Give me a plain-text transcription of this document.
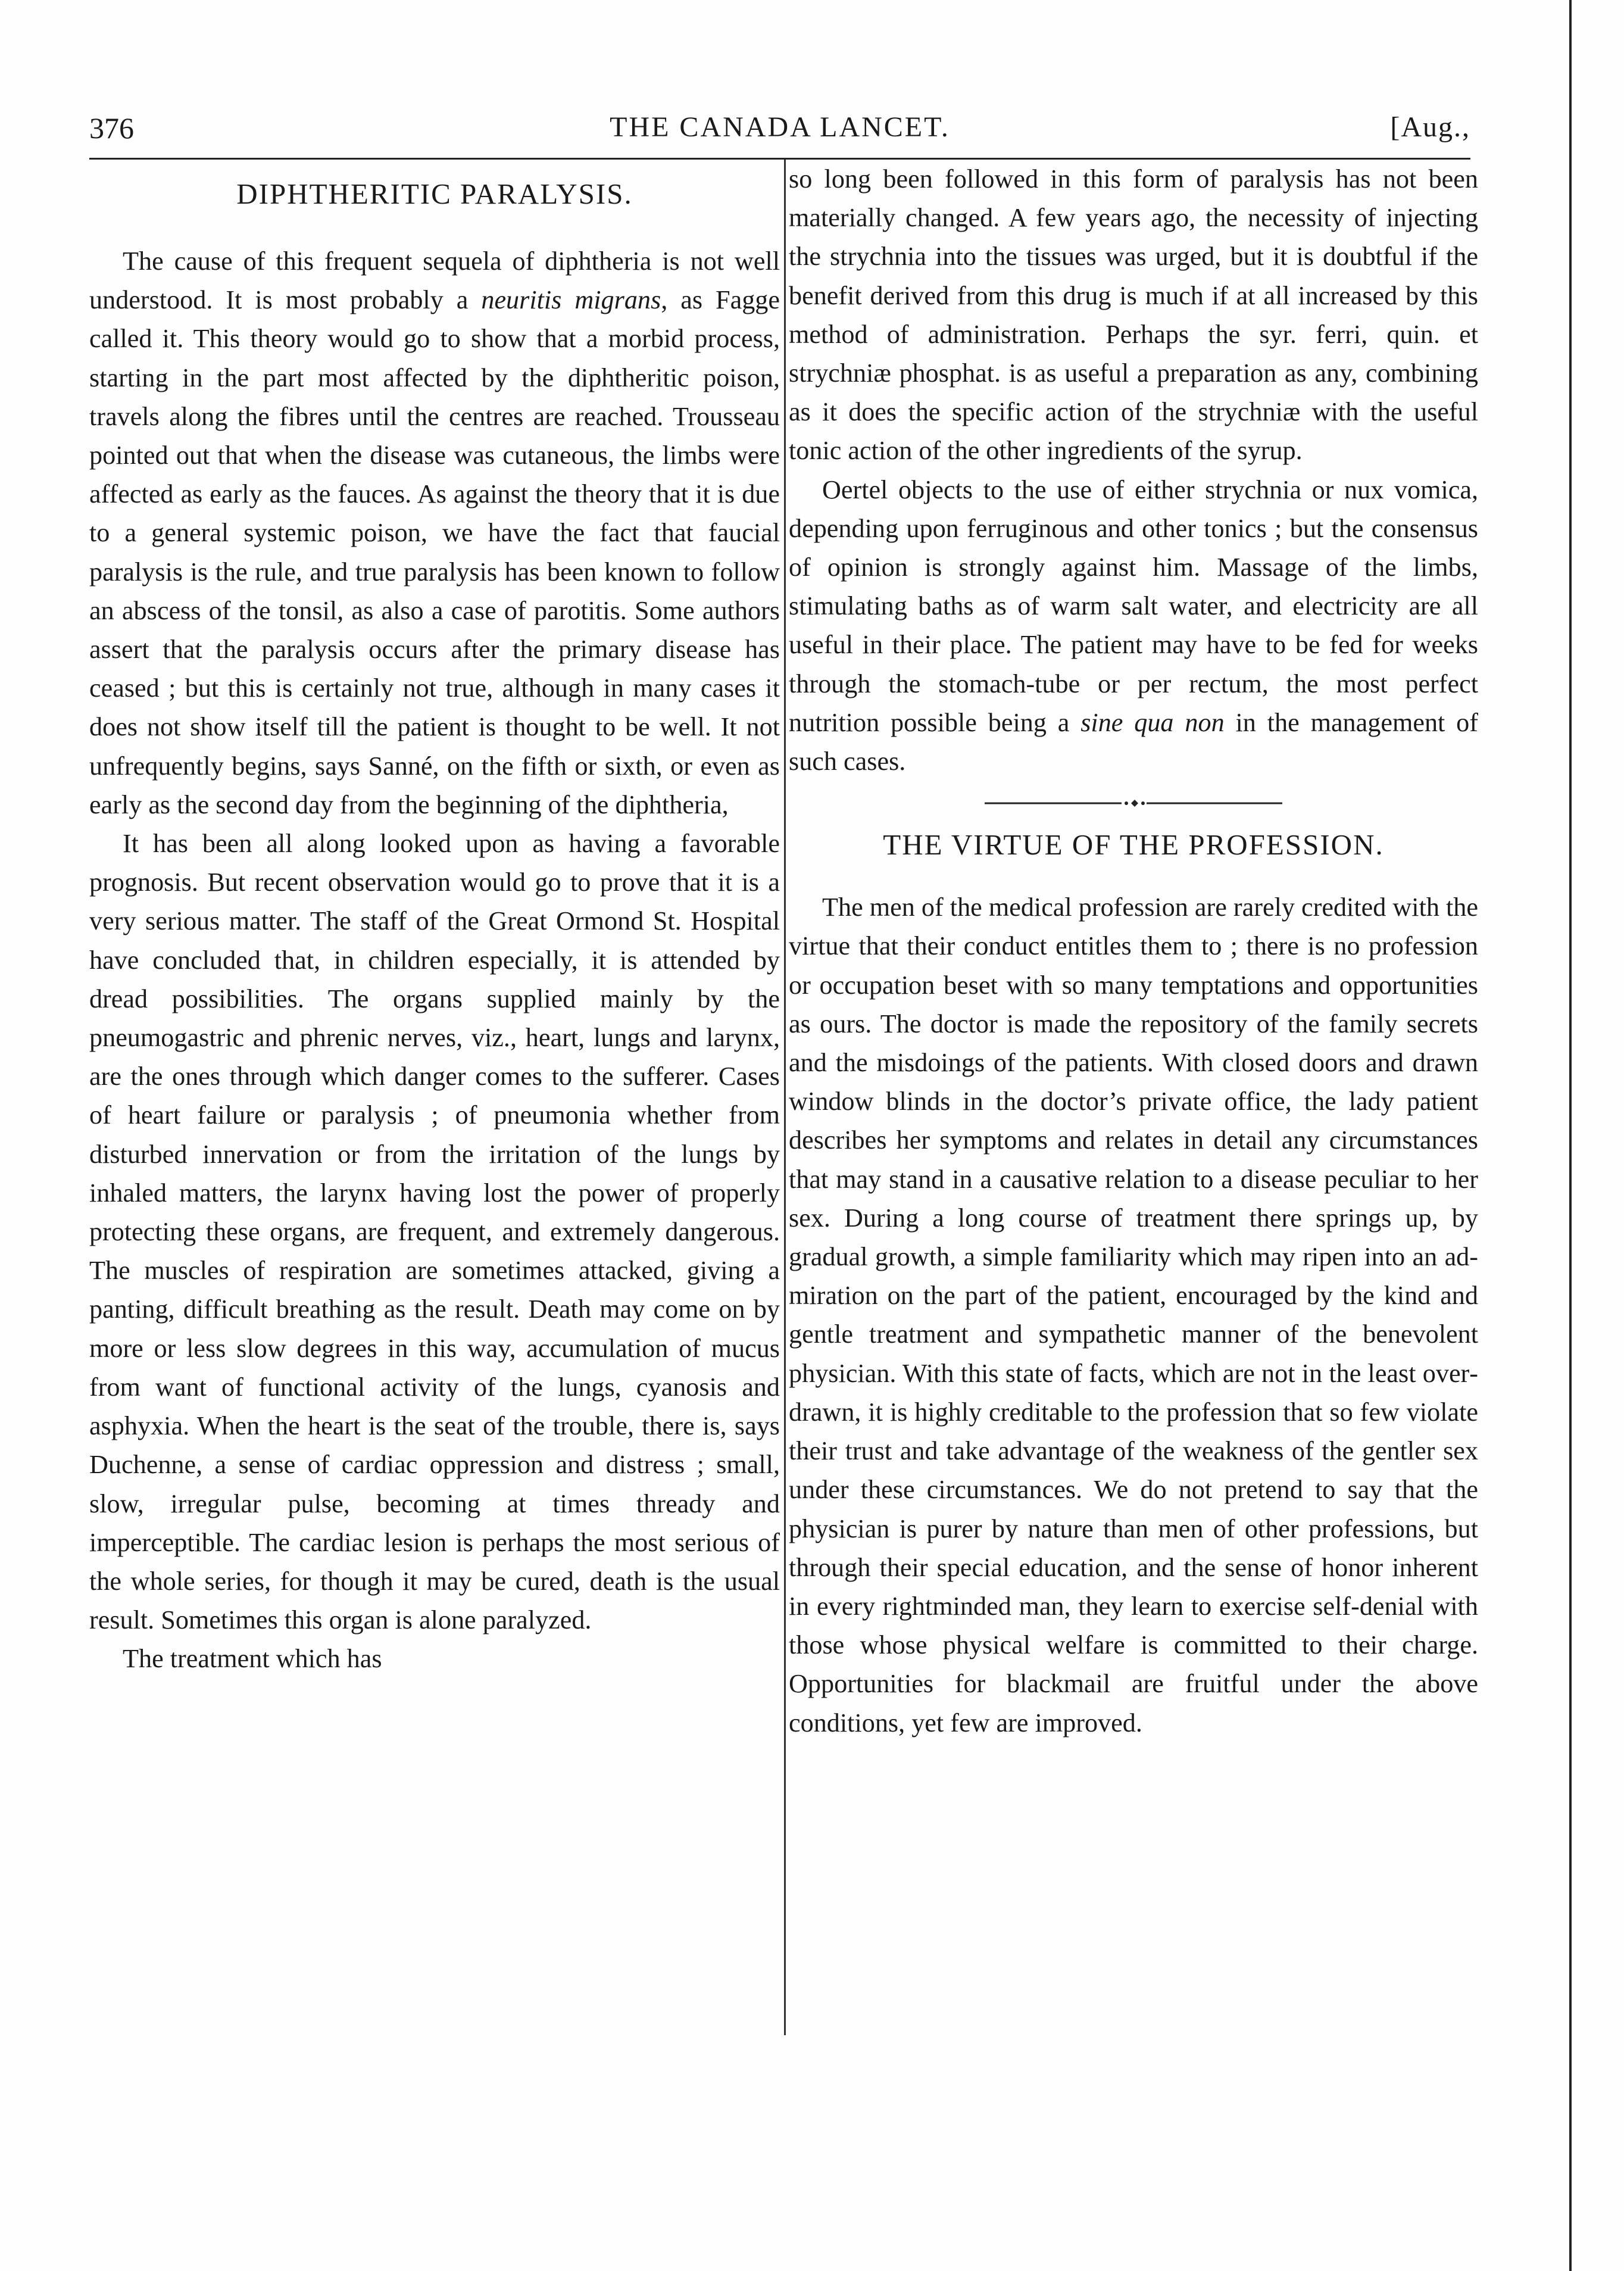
376	THE CANADA LANCET.	[Aug.,
DIPHTHERITIC PARALYSIS.

The cause of this frequent sequela of diphtheria is not well understood. It is most probably a neuritis migrans, as Fagge called it. This theory would go to show that a morbid process, starting in the part most affected by the diphtheritic poison, travels along the fibres until the centres are reached. Trousseau pointed out that when the disease was cutaneous, the limbs were affected as early as the fauces. As against the theory that it is due to a general systemic poison, we have the fact that faucial paralysis is the rule, and true paralysis has been known to follow an abscess of the tonsil, as also a case of parotitis. Some authors assert that the paralysis occurs after the primary disease has ceased ; but this is certainly not true, although in many cases it does not show itself till the patient is thought to be well. It not unfrequently begins, says Sanné, on the fifth or sixth, or even as early as the second day from the beginning of the diphtheria,

It has been all along looked upon as having a favorable prognosis. But recent observation would go to prove that it is a very serious matter. The staff of the Great Ormond St. Hospital have concluded that, in children especially, it is attended by dread possibilities. The organs supplied mainly by the pneumogastric and phrenic nerves, viz., heart, lungs and larynx, are the ones through which danger comes to the sufferer. Cases of heart failure or paralysis ; of pneumonia whether from disturbed innervation or from the irritation of the lungs by inhaled matters, the larynx having lost the power of properly protecting these organs, are frequent, and extremely dangerous. The muscles of respiration are sometimes attacked, giving a panting, difficult breathing as the result. Death may come on by more or less slow degrees in this way, accumulation of mucus from want of functional activity of the lungs, cyanosis and asphyxia. When the heart is the seat of the trouble, there is, says Duchenne, a sense of cardiac oppression and distress ; small, slow, irregular pulse, becoming at times thready and imperceptible. The cardiac lesion is perhaps the most serious of the whole series, for though it may be cured, death is the usual result. Sometimes this organ is alone paralyzed.

The treatment which has

so long been followed in this form of paralysis has not been materially changed. A few years ago, the necessity of injecting the strychnia into the tissues was urged, but it is doubtful if the benefit derived from this drug is much if at all increased by this method of administration. Perhaps the syr. ferri, quin. et strychniæ phosphat. is as useful a preparation as any, combining as it does the specific action of the strychniæ with the useful tonic action of the other ingredients of the syrup.

Oertel objects to the use of either strychnia or nux vomica, depending upon ferruginous and other tonics ; but the consensus of opinion is strongly against him. Massage of the limbs, stimulating baths as of warm salt water, and electricity are all useful in their place. The patient may have to be fed for weeks through the stomach-tube or per rectum, the most perfect nutrition possible being a sine qua non in the management of such cases.

THE VIRTUE OF THE PROFESSION.

The men of the medical profession are rarely credited with the virtue that their conduct entitles them to ; there is no profession or occupation beset with so many temptations and opportunities as ours. The doctor is made the repository of the family secrets and the misdoings of the patients. With closed doors and drawn window blinds in the doctor’s private office, the lady patient describes her symptoms and relates in detail any circumstances that may stand in a causative relation to a disease peculiar to her sex. During a long course of treatment there springs up, by gradual growth, a simple familiarity which may ripen into an admiration on the part of the patient, encouraged by the kind and gentle treatment and sympathetic manner of the benevolent physician. With this state of facts, which are not in the least overdrawn, it is highly creditable to the profession that so few violate their trust and take advantage of the weakness of the gentler sex under these circumstances. We do not pretend to say that the physician is purer by nature than men of other professions, but through their special education, and the sense of honor inherent in every rightminded man, they learn to exercise self-denial with those whose physical welfare is committed to their charge. Opportunities for blackmail are fruitful under the above conditions, yet few are improved.
